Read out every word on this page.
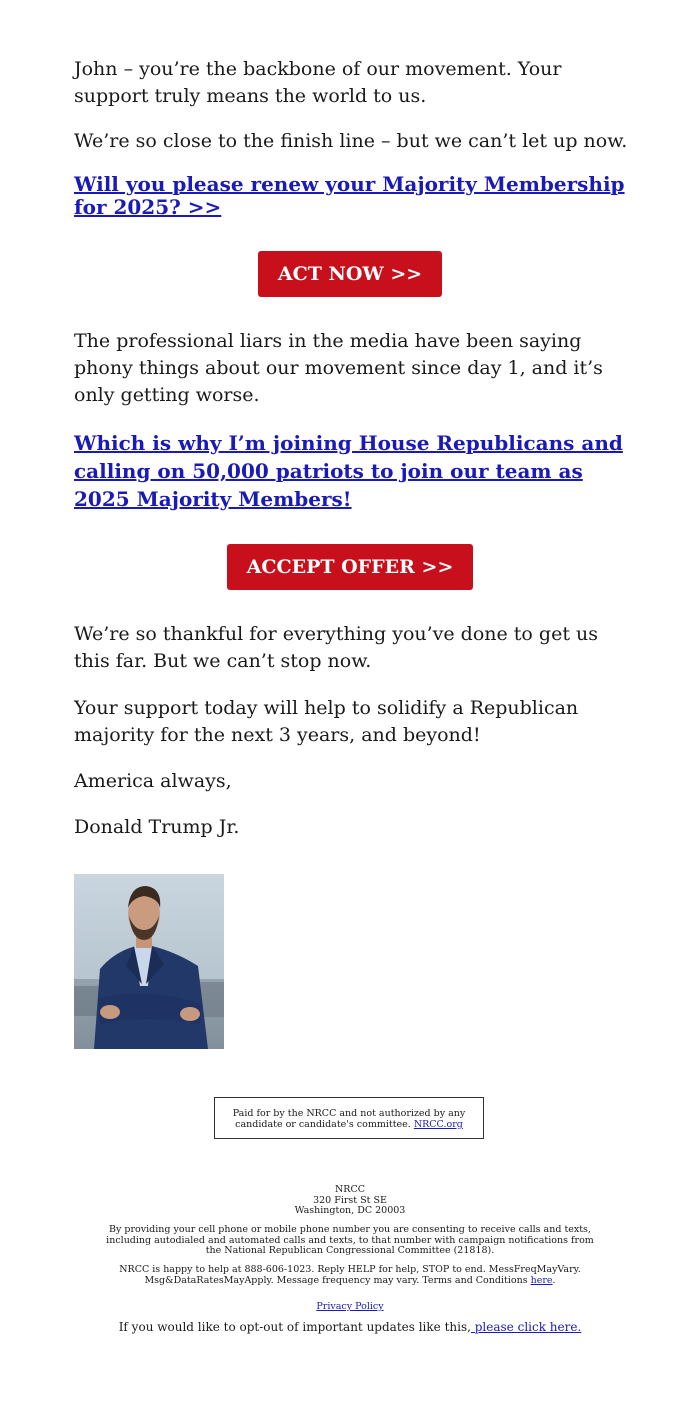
John – you’re the backbone of our movement. Your support truly means the world to us.

We’re so close to the finish line – but we can’t let up now.

Will you please renew your Majority Membership for 2025? >>
ACT NOW >>

The professional liars in the media have been saying phony things about our movement since day 1, and it’s only getting worse.

Which is why I’m joining House Republicans and calling on 50,000 patriots to join our team as 2025 Majority Members!
ACCEPT OFFER >>

We’re so thankful for everything you’ve done to get us this far. But we can’t stop now.

Your support today will help to solidify a Republican majority for the next 3 years, and beyond!

America always,

Donald Trump Jr.

Paid for by the NRCC and not authorized by any candidate or candidate's committee. NRCC.org
NRCC
320 First St SE
Washington, DC 20003
By providing your cell phone or mobile phone number you are consenting to receive calls and texts, including autodialed and automated calls and texts, to that number with campaign notifications from the National Republican Congressional Committee (21818).
NRCC is happy to help at 888-606-1023. Reply HELP for help, STOP to end. MessFreqMayVary. Msg&DataRatesMayApply. Message frequency may vary. Terms and Conditions here.
Privacy Policy
If you would like to opt-out of important updates like this, please click here.
